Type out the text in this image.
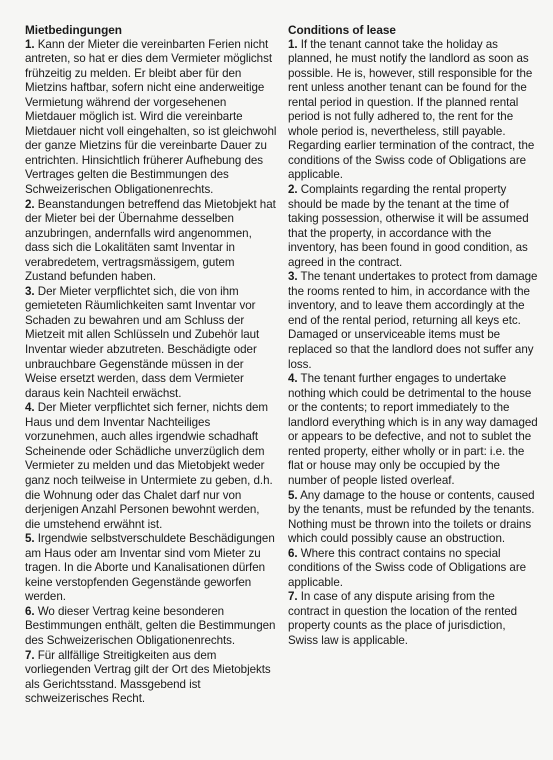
Mietbedingungen

1. Kann der Mieter die vereinbarten Ferien nicht antreten, so hat er dies dem Vermieter möglichst frühzeitig zu melden. Er bleibt aber für den Mietzins haftbar, sofern nicht eine anderweitige Vermietung während der vorgesehenen Mietdauer möglich ist. Wird die vereinbarte Mietdauer nicht voll eingehalten, so ist gleichwohl der ganze Mietzins für die vereinbarte Dauer zu entrichten. Hinsichtlich früherer Aufhebung des Vertrages gelten die Bestimmungen des Schweizerischen Obligationenrechts.

2. Beanstandungen betreffend das Mietobjekt hat der Mieter bei der Übernahme desselben anzubringen, andernfalls wird angenommen, dass sich die Lokalitäten samt Inventar in verabredetem, vertragsmässigem, gutem Zustand befunden haben.

3. Der Mieter verpflichtet sich, die von ihm gemieteten Räumlichkeiten samt Inventar vor Schaden zu bewahren und am Schluss der Mietzeit mit allen Schlüsseln und Zubehör laut Inventar wieder abzutreten. Beschädigte oder unbrauchbare Gegenstände müssen in der Weise ersetzt werden, dass dem Vermieter daraus kein Nachteil erwächst.

4. Der Mieter verpflichtet sich ferner, nichts dem Haus und dem Inventar Nachteiliges vorzunehmen, auch alles irgendwie schadhaft Scheinende oder Schädliche unverzüglich dem Vermieter zu melden und das Mietobjekt weder ganz noch teilweise in Untermiete zu geben, d.h. die Wohnung oder das Chalet darf nur von derjenigen Anzahl Personen bewohnt werden, die umstehend erwähnt ist.

5. Irgendwie selbstverschuldete Beschädigungen am Haus oder am Inventar sind vom Mieter zu tragen. In die Aborte und Kanalisationen dürfen keine verstopfenden Gegenstände geworfen werden.

6. Wo dieser Vertrag keine besonderen Bestimmungen enthält, gelten die Bestimmungen des Schweizerischen Obligationenrechts.

7. Für allfällige Streitigkeiten aus dem vorliegenden Vertrag gilt der Ort des Mietobjekts als Gerichtsstand. Massgebend ist schweizerisches Recht.

Conditions of lease

1. If the tenant cannot take the holiday as planned, he must notify the landlord as soon as possible. He is, however, still responsible for the rent unless another tenant can be found for the rental period in question. If the planned rental period is not fully adhered to, the rent for the whole period is, nevertheless, still payable. Regarding earlier termination of the contract, the conditions of the Swiss code of Obligations are applicable.

2. Complaints regarding the rental property should be made by the tenant at the time of taking possession, otherwise it will be assumed that the property, in accordance with the inventory, has been found in good condition, as agreed in the contract.

3. The tenant undertakes to protect from damage the rooms rented to him, in accordance with the inventory, and to leave them accordingly at the end of the rental period, returning all keys etc. Damaged or unserviceable items must be replaced so that the landlord does not suffer any loss.

4. The tenant further engages to undertake nothing which could be detrimental to the house or the contents; to report immediately to the landlord everything which is in any way damaged or appears to be defective, and not to sublet the rented property, either wholly or in part: i.e. the flat or house may only be occupied by the number of people listed overleaf.

5. Any damage to the house or contents, caused by the tenants, must be refunded by the tenants. Nothing must be thrown into the toilets or drains which could possibly cause an obstruction.

6. Where this contract contains no special conditions of the Swiss code of Obligations are applicable.

7. In case of any dispute arising from the contract in question the location of the rented property counts as the place of jurisdiction, Swiss law is applicable.
